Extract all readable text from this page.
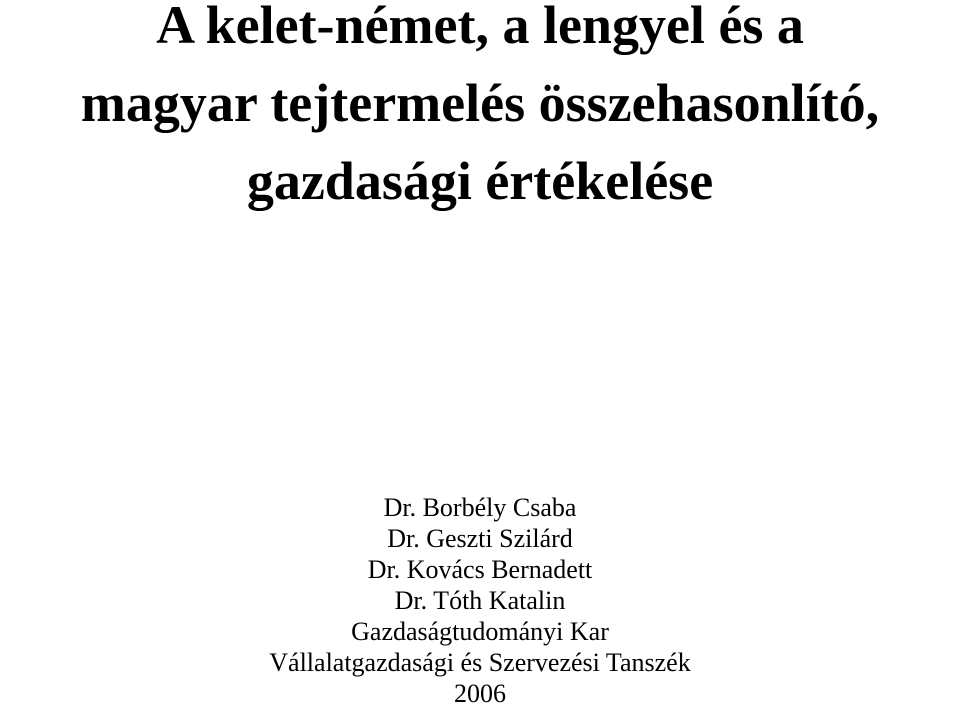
A kelet-német, a lengyel és a
magyar tejtermelés összehasonlító,
gazdasági értékelése
Dr. Borbély Csaba
Dr. Geszti Szilárd
Dr. Kovács Bernadett
Dr. Tóth Katalin
Gazdaságtudományi Kar
Vállalatgazdasági és Szervezési Tanszék
2006
